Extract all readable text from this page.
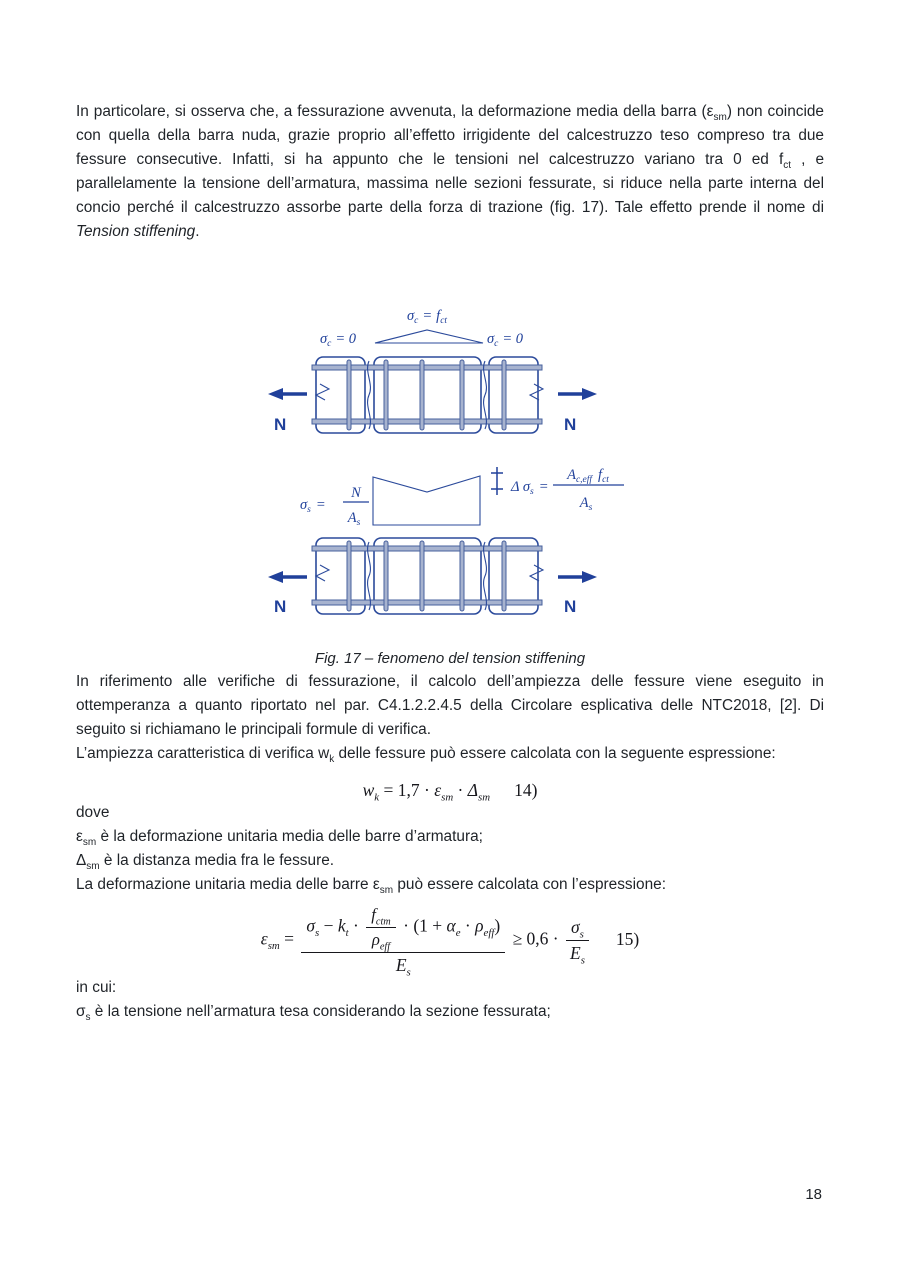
In particolare, si osserva che, a fessurazione avvenuta, la deformazione media della barra $(\varepsilon_{sm})$ non coincide con quella della barra nuda, grazie proprio all’effetto irrigidente del calcestruzzo teso compreso tra due fessure consecutive. Infatti, si ha appunto che le tensioni nel calcestruzzo variano tra 0 ed $f_{ct}$ , e parallelamente la tensione dell’armatura, massima nelle sezioni fessurate, si riduce nella parte interna del concio perché il calcestruzzo assorbe parte della forza di trazione (fig. 17). Tale effetto prende il nome di Tension stiffening.

$\sigma_c = f_{ct}$
$\sigma_c = 0$	$\sigma_c = 0$
N	N
$\sigma_s$ =
N
$A_s$
Δ $\sigma_s$ =
$A_{c,eff}$ $f_{ct}$
$A_s$
N	N
Fig. 17 – fenomeno del tension stiffening

In riferimento alle verifiche di fessurazione, il calcolo dell’ampiezza delle fessure viene eseguito in ottemperanza a quanto riportato nel par. C4.1.2.2.4.5 della Circolare esplicativa delle NTC2018, [2]. Di seguito si richiamano le principali formule di verifica.

L’ampiezza caratteristica di verifica $w_k$ delle fessure può essere calcolata con la seguente espressione:

$w_k = 1,7 \cdot \varepsilon_{sm} \cdot \Delta_{sm}$ 14)

dove

$\varepsilon_{sm}$ è la deformazione unitaria media delle barre d’armatura;

$\Delta_{sm}$ è la distanza media fra le fessure.

La deformazione unitaria media delle barre $\varepsilon_{sm}$ può essere calcolata con l’espressione:

$\varepsilon_{sm} = \frac{\sigma_s - k_t \cdot \frac{f_{ctm}}{\rho_{eff}} \cdot (1 + \alpha_e \cdot \rho_{eff})}{E_s} \ge 0,6 \cdot \frac{\sigma_s}{E_s} 15$)

in cui:

$\sigma_s$ è la tensione nell’armatura tesa considerando la sezione fessurata;

18
